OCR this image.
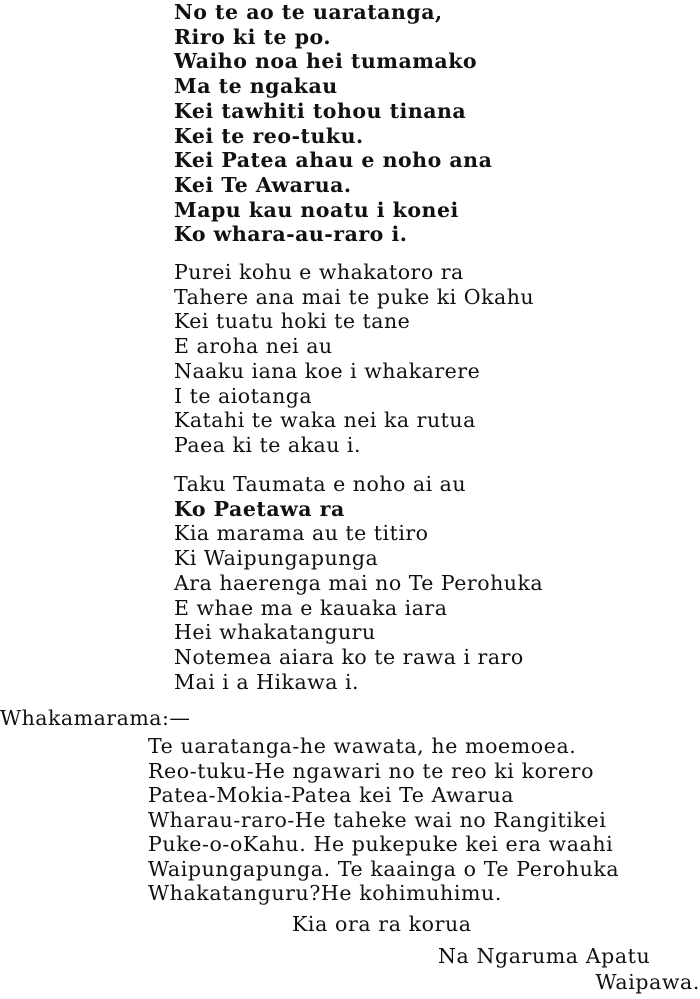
No te ao te uaratanga,
Riro ki te po.
Waiho noa hei tumamako
Ma te ngakau
Kei tawhiti tohou tinana
Kei te reo-tuku.
Kei Patea ahau e noho ana
Kei Te Awarua.
Mapu kau noatu i konei
Ko whara-au-raro i.
Purei kohu e whakatoro ra
Tahere ana mai te puke ki Okahu
Kei tuatu hoki te tane
E aroha nei au
Naaku iana koe i whakarere
I te aiotanga
Katahi te waka nei ka rutua
Paea ki te akau i.
Taku Taumata e noho ai au
Ko Paetawa ra
Kia marama au te titiro
Ki Waipungapunga
Ara haerenga mai no Te Perohuka
E whae ma e kauaka iara
Hei whakatanguru
Notemea aiara ko te rawa i raro
Mai i a Hikawa i.
Whakamarama:—
Te uaratanga-he wawata, he moemoea.
Reo-tuku-He ngawari no te reo ki korero
Patea-Mokia-Patea kei Te Awarua
Wharau-raro-He taheke wai no Rangitikei
Puke-o-oKahu. He pukepuke kei era waahi
Waipungapunga. Te kaainga o Te Perohuka
Whakatanguru?He kohimuhimu.
Kia ora ra korua
Na Ngaruma Apatu
Waipawa.
